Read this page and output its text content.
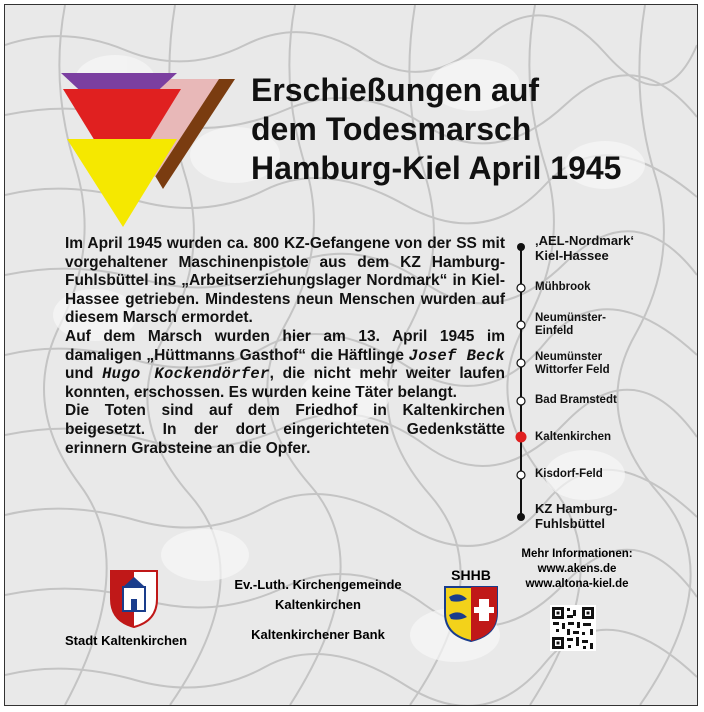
Erschießungen auf
dem Todesmarsch
Hamburg-Kiel April 1945

Im April 1945 wurden ca. 800 KZ-Gefangene von der SS mit vorgehaltener Maschinenpistole aus dem KZ Hamburg-Fuhlsbüttel ins „Arbeitserziehungslager Nordmark“ in Kiel-Hassee getrieben. Mindestens neun Menschen wurden auf diesem Marsch ermordet.

Auf dem Marsch wurden hier am 13. April 1945 im damaligen „Hüttmanns Gasthof“ die Häftlinge Josef Beck und Hugo Kockendörfer, die nicht mehr weiter laufen konnten, erschossen. Es wurden keine Täter belangt.

Die Toten sind auf dem Friedhof in Kaltenkirchen beigesetzt. In der dort eingerichteten Gedenkstätte erinnern Grabsteine an die Opfer.

‚AEL-Nordmark‘
Kiel-Hassee
Mühbrook
Neumünster-
Einfeld
Neumünster
Wittorfer Feld
Bad Bramstedt
Kaltenkirchen
Kisdorf-Feld
KZ Hamburg-
Fuhlsbüttel
Mehr Informationen:
www.akens.de
www.altona-kiel.de
Stadt Kaltenkirchen
Ev.-Luth. Kirchengemeinde
Kaltenkirchen
Kaltenkirchener Bank
SHHB
